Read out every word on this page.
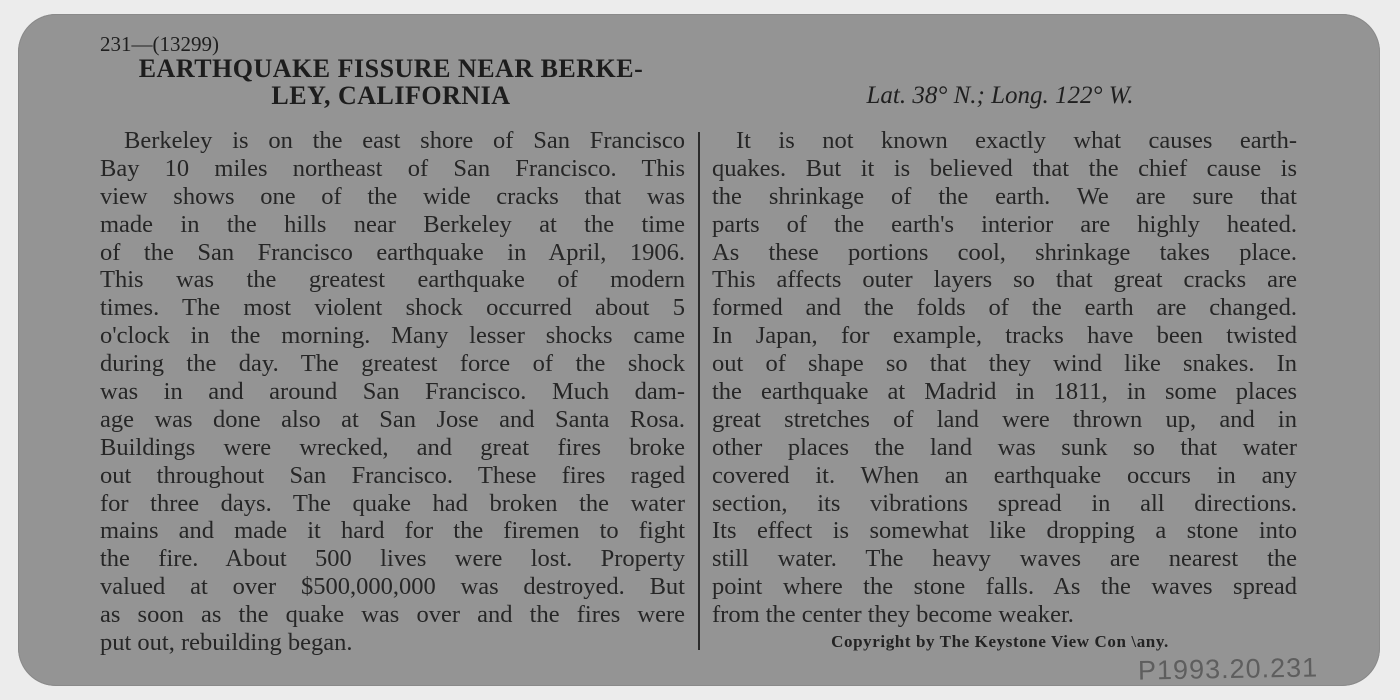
231—(13299)
EARTHQUAKE FISSURE NEAR BERKE-
LEY, CALIFORNIA	Lat. 38° N.; Long. 122° W.
Berkeley is on the east shore of San Francisco
Bay 10 miles northeast of San Francisco. This
view shows one of the wide cracks that was
made in the hills near Berkeley at the time
of the San Francisco earthquake in April, 1906.
This was the greatest earthquake of modern
times. The most violent shock occurred about 5
o'clock in the morning. Many lesser shocks came
during the day. The greatest force of the shock
was in and around San Francisco. Much dam-
age was done also at San Jose and Santa Rosa.
Buildings were wrecked, and great fires broke
out throughout San Francisco. These fires raged
for three days. The quake had broken the water
mains and made it hard for the firemen to fight
the fire. About 500 lives were lost. Property
valued at over $500,000,000 was destroyed. But
as soon as the quake was over and the fires were
put out, rebuilding began.
It is not known exactly what causes earth-
quakes. But it is believed that the chief cause is
the shrinkage of the earth. We are sure that
parts of the earth's interior are highly heated.
As these portions cool, shrinkage takes place.
This affects outer layers so that great cracks are
formed and the folds of the earth are changed.
In Japan, for example, tracks have been twisted
out of shape so that they wind like snakes. In
the earthquake at Madrid in 1811, in some places
great stretches of land were thrown up, and in
other places the land was sunk so that water
covered it. When an earthquake occurs in any
section, its vibrations spread in all directions.
Its effect is somewhat like dropping a stone into
still water. The heavy waves are nearest the
point where the stone falls. As the waves spread
from the center they become weaker.
Copyright by The Keystone View Con \any.
P1993.20.231
